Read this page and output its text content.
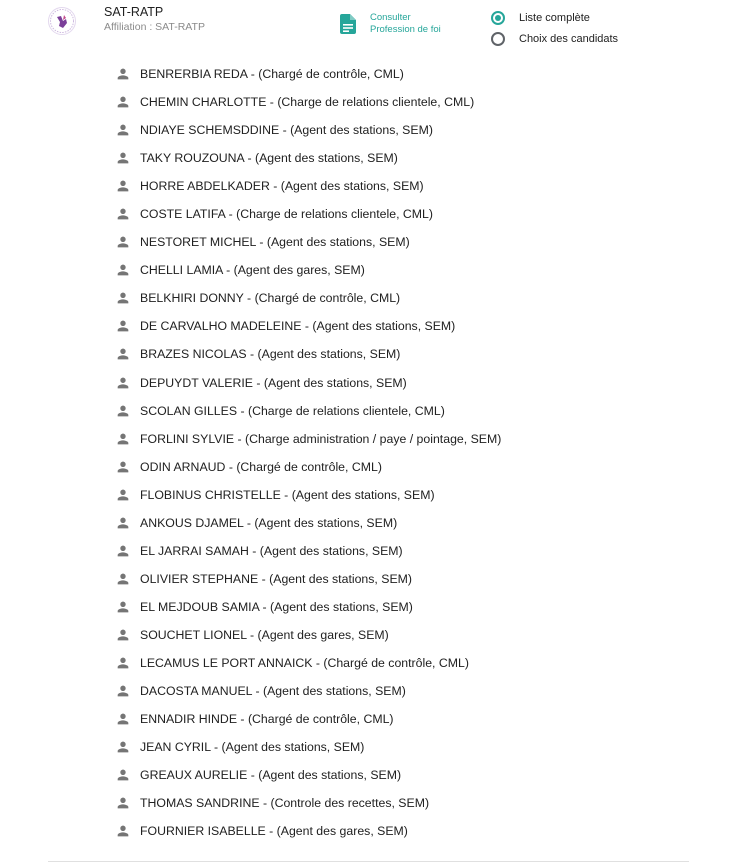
SAT-RATP
Affiliation : SAT-RATP
Consulter
Profession de foi
Liste complète
Choix des candidats
BENRERBIA REDA - (Chargé de contrôle, CML)
CHEMIN CHARLOTTE - (Charge de relations clientele, CML)
NDIAYE SCHEMSDDINE - (Agent des stations, SEM)
TAKY ROUZOUNA - (Agent des stations, SEM)
HORRE ABDELKADER - (Agent des stations, SEM)
COSTE LATIFA - (Charge de relations clientele, CML)
NESTORET MICHEL - (Agent des stations, SEM)
CHELLI LAMIA - (Agent des gares, SEM)
BELKHIRI DONNY - (Chargé de contrôle, CML)
DE CARVALHO MADELEINE - (Agent des stations, SEM)
BRAZES NICOLAS - (Agent des stations, SEM)
DEPUYDT VALERIE - (Agent des stations, SEM)
SCOLAN GILLES - (Charge de relations clientele, CML)
FORLINI SYLVIE - (Charge administration / paye / pointage, SEM)
ODIN ARNAUD - (Chargé de contrôle, CML)
FLOBINUS CHRISTELLE - (Agent des stations, SEM)
ANKOUS DJAMEL - (Agent des stations, SEM)
EL JARRAI SAMAH - (Agent des stations, SEM)
OLIVIER STEPHANE - (Agent des stations, SEM)
EL MEJDOUB SAMIA - (Agent des stations, SEM)
SOUCHET LIONEL - (Agent des gares, SEM)
LECAMUS LE PORT ANNAICK - (Chargé de contrôle, CML)
DACOSTA MANUEL - (Agent des stations, SEM)
ENNADIR HINDE - (Chargé de contrôle, CML)
JEAN CYRIL - (Agent des stations, SEM)
GREAUX AURELIE - (Agent des stations, SEM)
THOMAS SANDRINE - (Controle des recettes, SEM)
FOURNIER ISABELLE - (Agent des gares, SEM)
